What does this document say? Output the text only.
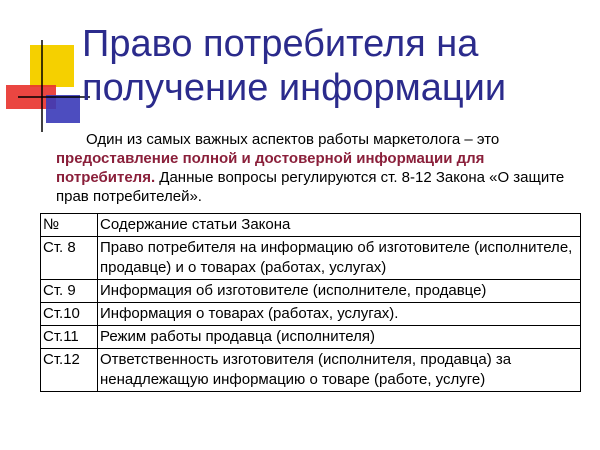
Право потребителя на получение информации
Один из самых важных аспектов работы маркетолога – это предоставление полной и достоверной информации для потребителя. Данные вопросы регулируются ст. 8-12 Закона «О защите прав потребителей».
№	Содержание статьи Закона
Ст. 8	Право потребителя на информацию об изготовителе (исполнителе, продавце) и о товарах (работах, услугах)
Ст. 9	Информация об изготовителе (исполнителе, продавце)
Ст.10	Информация о товарах (работах, услугах).
Ст.11	Режим работы продавца (исполнителя)
Ст.12	Ответственность изготовителя (исполнителя, продавца) за ненадлежащую информацию о товаре (работе, услуге)
